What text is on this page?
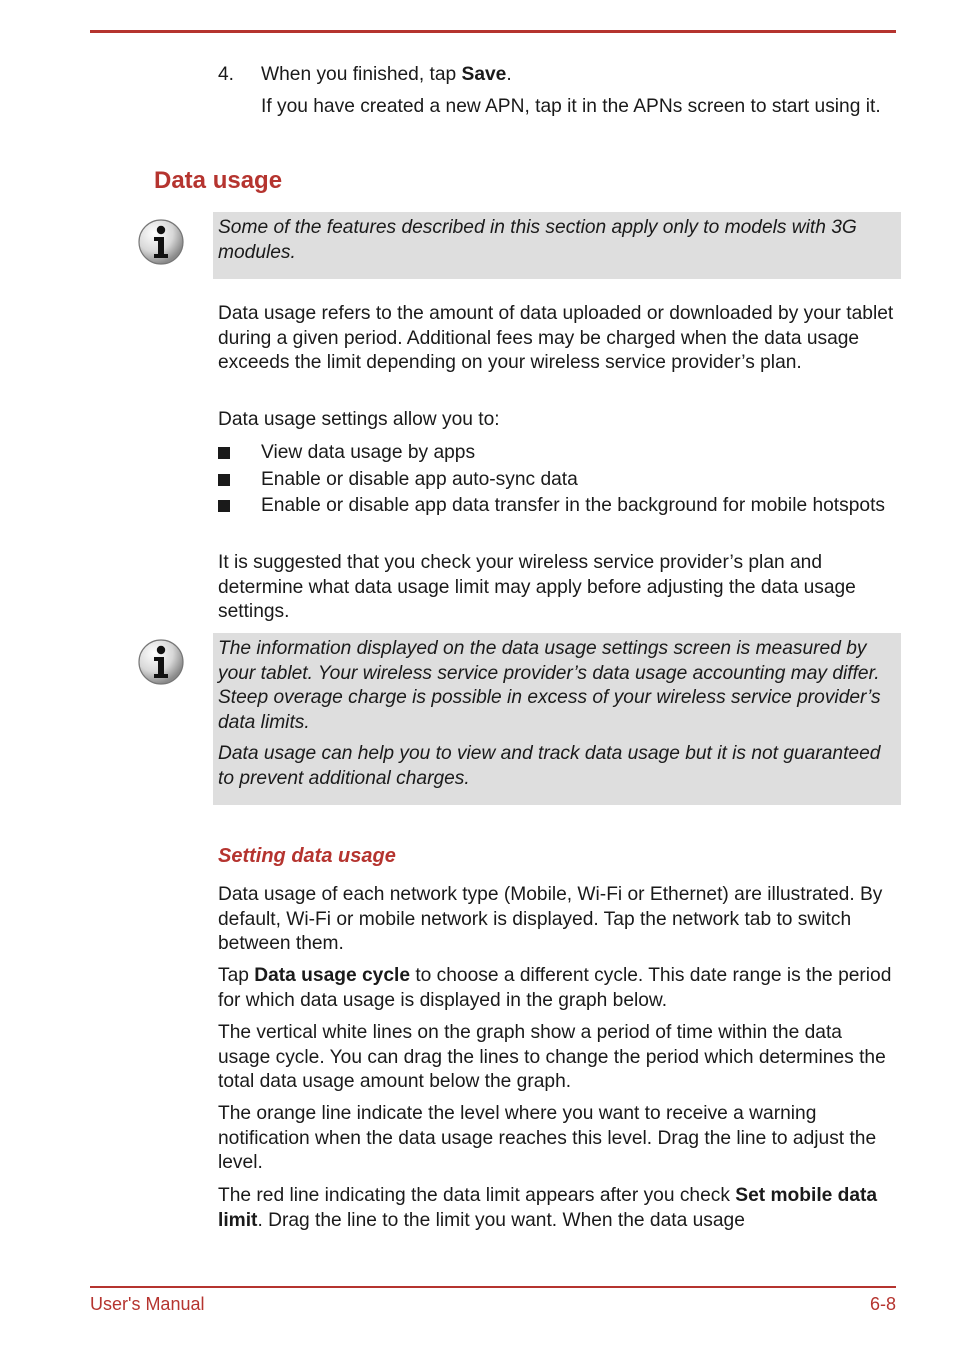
4. When you finished, tap Save.

If you have created a new APN, tap it in the APNs screen to start using it.

Data usage

Some of the features described in this section apply only to models with 3G modules.

Data usage refers to the amount of data uploaded or downloaded by your tablet during a given period. Additional fees may be charged when the data usage exceeds the limit depending on your wireless service provider’s plan.

Data usage settings allow you to:

View data usage by apps
Enable or disable app auto-sync data
Enable or disable app data transfer in the background for mobile hotspots

It is suggested that you check your wireless service provider’s plan and determine what data usage limit may apply before adjusting the data usage settings.

The information displayed on the data usage settings screen is measured by your tablet. Your wireless service provider’s data usage accounting may differ. Steep overage charge is possible in excess of your wireless service provider’s data limits.

Data usage can help you to view and track data usage but it is not guaranteed to prevent additional charges.

Setting data usage

Data usage of each network type (Mobile, Wi-Fi or Ethernet) are illustrated. By default, Wi-Fi or mobile network is displayed. Tap the network tab to switch between them.

Tap Data usage cycle to choose a different cycle. This date range is the period for which data usage is displayed in the graph below.

The vertical white lines on the graph show a period of time within the data usage cycle. You can drag the lines to change the period which determines the total data usage amount below the graph.

The orange line indicate the level where you want to receive a warning notification when the data usage reaches this level. Drag the line to adjust the level.

The red line indicating the data limit appears after you check Set mobile data limit. Drag the line to the limit you want. When the data usage

User's Manual	6-8
